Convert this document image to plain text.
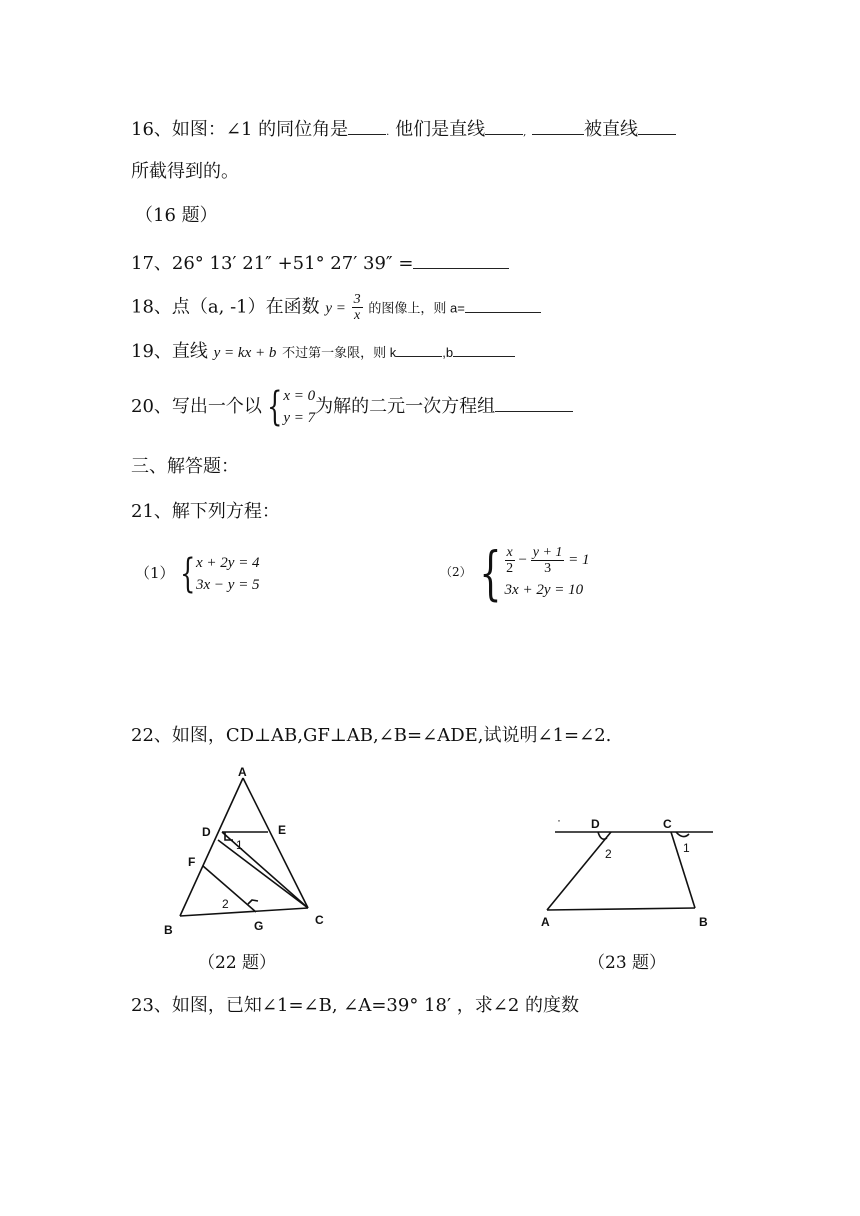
16、如图：∠1 的同位角是	. 他们是直线	,	被直线
所截得到的。
（16 题）
17、26° 13′ 21″ +51° 27′ 39″ =
18、点（a, -1）在函数 $y = \frac{3}{x}$ 的图像上，则 a=
19、直线 y = kx + b 不过第一象限，则 k	,b
20、写出一个以 { x = 0
y = 7
为解的二元一次方程组
三、解答题：
21、解下列方程：
（1） { x + 2y = 4
3x − y = 5
（2） { $\frac{x}{2} - \frac{y + 1}{3} = 1$
3x + 2y = 10
22、如图，CD⊥AB,GF⊥AB,∠B=∠ADE,试说明∠1=∠2.
A
D	E
F
B	G	C
1
2
（22 题）
·	D	C
A	B
1
2
（23 题）
23、如图，已知∠1=∠B, ∠A=39° 18′ ，求∠2 的度数
